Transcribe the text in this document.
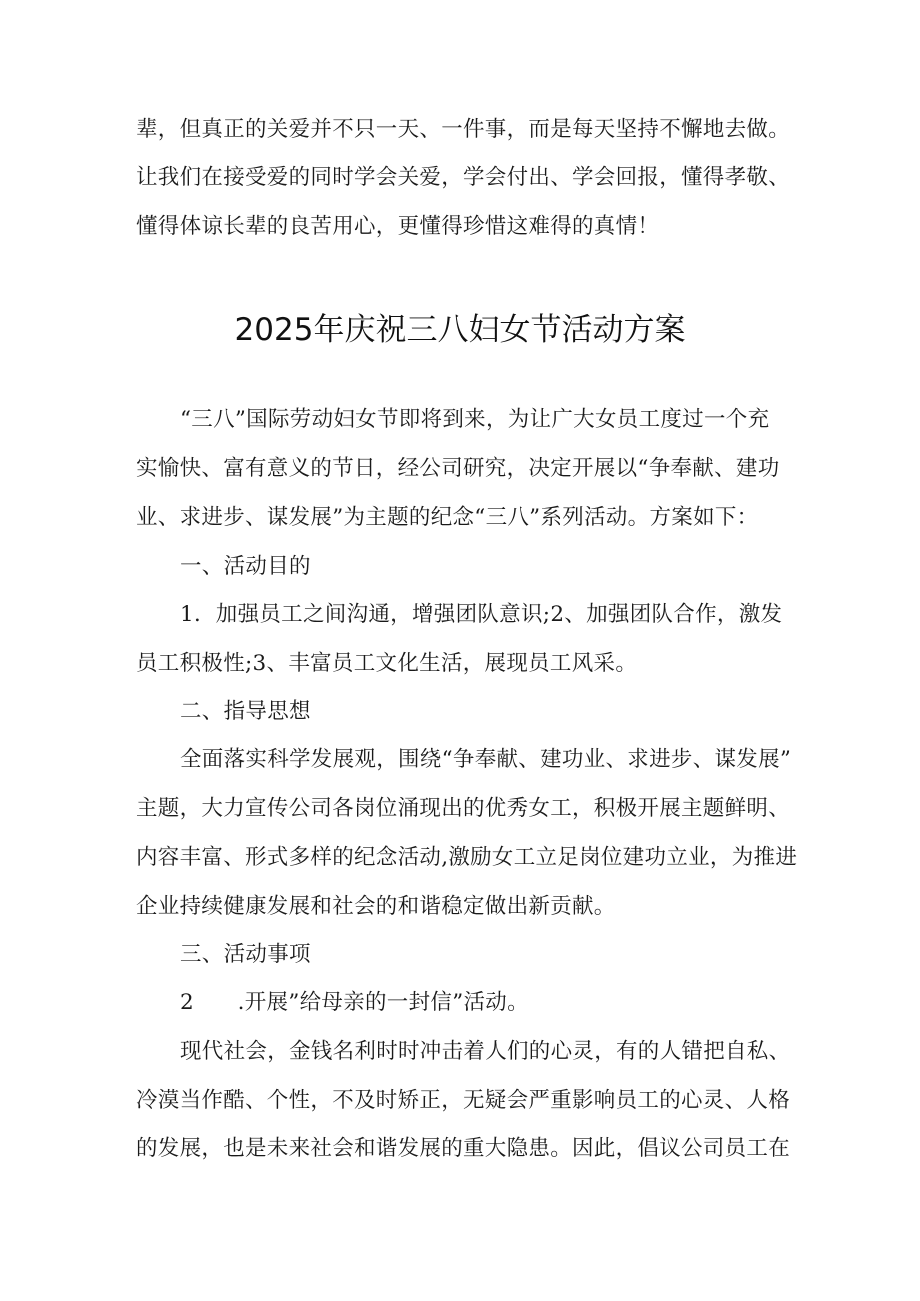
辈，但真正的关爱并不只一天、一件事，而是每天坚持不懈地去做。
让我们在接受爱的同时学会关爱，学会付出、学会回报，懂得孝敬、
懂得体谅长辈的良苦用心，更懂得珍惜这难得的真情！
2025年庆祝三八妇女节活动方案
“三八”国际劳动妇女节即将到来，为让广大女员工度过一个充
实愉快、富有意义的节日，经公司研究，决定开展以“争奉献、建功
业、求进步、谋发展”为主题的纪念“三八”系列活动。方案如下：
一、活动目的
1．加强员工之间沟通，增强团队意识;2、加强团队合作，激发
员工积极性;3、丰富员工文化生活，展现员工风采。
二、指导思想
全面落实科学发展观，围绕“争奉献、建功业、求进步、谋发展”
主题，大力宣传公司各岗位涌现出的优秀女工，积极开展主题鲜明、
内容丰富、形式多样的纪念活动,激励女工立足岗位建功立业，为推进
企业持续健康发展和社会的和谐稳定做出新贡献。
三、活动事项
2　　.开展”给母亲的一封信”活动。
现代社会，金钱名利时时冲击着人们的心灵，有的人错把自私、
冷漠当作酷、个性，不及时矫正，无疑会严重影响员工的心灵、人格
的发展，也是未来社会和谐发展的重大隐患。因此，倡议公司员工在
